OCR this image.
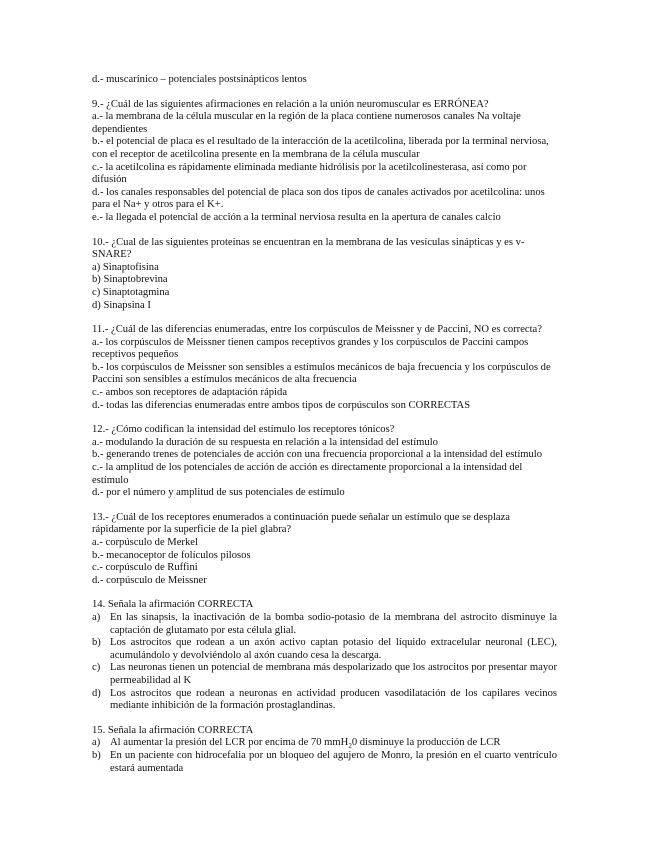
d.- muscarínico – potenciales postsinápticos lentos
9.- ¿Cuál de las siguientes afirmaciones en relación a la unión neuromuscular es ERRÓNEA?
a.- la membrana de la célula muscular en la región de la placa contiene numerosos canales Na voltaje dependientes
b.- el potencial de placa es el resultado de la interacción de la acetilcolina, liberada por la terminal nerviosa, con el receptor de acetilcolina presente en la membrana de la célula muscular
c.- la acetilcolina es rápidamente eliminada mediante hidrólisis por la acetilcolinesterasa, así como por difusión
d.- los canales responsables del potencial de placa son dos tipos de canales activados por acetilcolina: unos para el Na+ y otros para el K+.
e.- la llegada el potencial de acción a la terminal nerviosa resulta en la apertura de canales calcio
10.- ¿Cual de las siguientes proteínas se encuentran en la membrana de las vesículas sinápticas y es v-SNARE?
a) Sinaptofisina
b) Sinaptobrevina
c) Sinaptotagmina
d) Sinapsina I
11.- ¿Cuál de las diferencias enumeradas, entre los corpúsculos de Meissner y de Paccini, NO es correcta?
a.- los corpúsculos de Meissner tienen campos receptivos grandes y los corpúsculos de Paccini campos receptivos pequeños
b.- los corpúsculos de Meissner son sensibles a estímulos mecánicos de baja frecuencia y los corpúsculos de Paccini son sensibles a estímulos mecánicos de alta frecuencia
c.- ambos son receptores de adaptación rápida
d.- todas las diferencias enumeradas entre ambos tipos de corpúsculos son CORRECTAS
12.- ¿Cómo codifican la intensidad del estímulo los receptores tónicos?
a.- modulando la duración de su respuesta en relación a la intensidad del estímulo
b.- generando trenes de potenciales de acción con una frecuencia proporcional a la intensidad del estímulo
c.- la amplitud de los potenciales de acción de acción es directamente proporcional a la intensidad del estímulo
d.- por el número y amplitud de sus potenciales de estímulo
13.- ¿Cuál de los receptores enumerados a continuación puede señalar un estímulo que se desplaza rápidamente por la superficie de la piel glabra?
a.- corpúsculo de Merkel
b.- mecanoceptor de folículos pilosos
c.- corpúsculo de Ruffini
d.- corpúsculo de Meissner
14. Señala la afirmación CORRECTA
a) En las sinapsis, la inactivación de la bomba sodio-potasio de la membrana del astrocito disminuye la captación de glutamato por esta célula glial.
b) Los astrocitos que rodean a un axón activo captan potasio del líquido extracelular neuronal (LEC), acumulándolo y devolviéndolo al axón cuando cesa la descarga.
c) Las neuronas tienen un potencial de membrana más despolarizado que los astrocitos por presentar mayor permeabilidad al K
d) Los astrocitos que rodean a neuronas en actividad producen vasodilatación de los capilares vecinos mediante inhibición de la formación prostaglandinas.
15. Señala la afirmación CORRECTA
a) Al aumentar la presión del LCR por encima de 70 mmH$_2$0 disminuye la producción de LCR
b) En un paciente con hidrocefalia por un bloqueo del agujero de Monro, la presión en el cuarto ventrículo estará aumentada
